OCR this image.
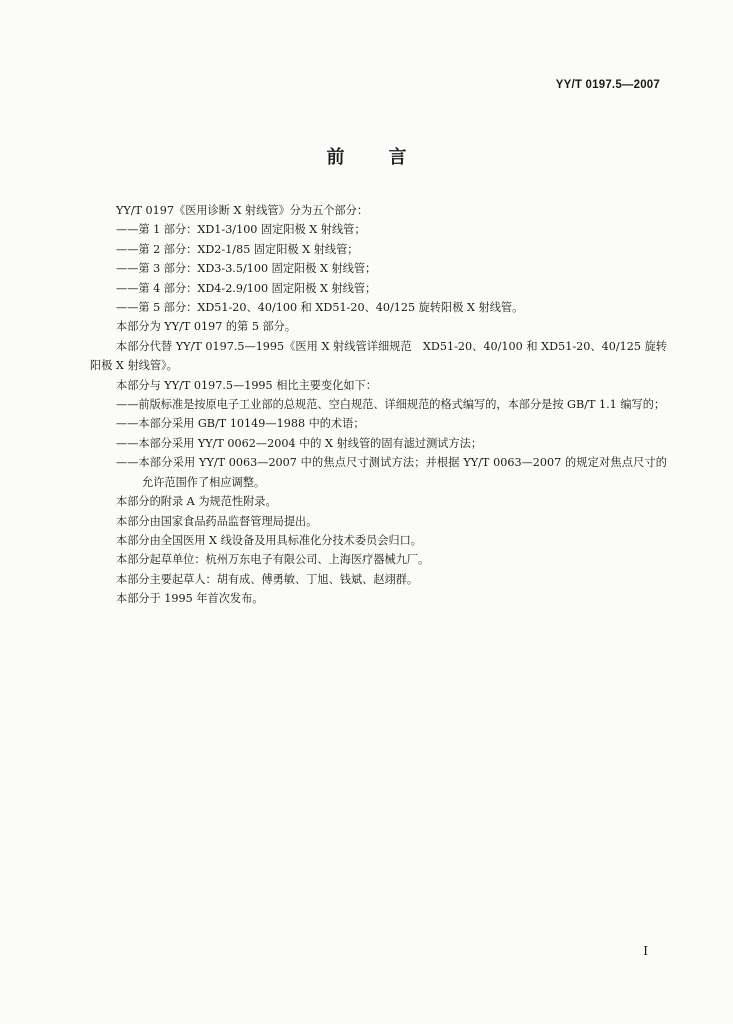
YY/T 0197.5—2007
前 言

YY/T 0197《医用诊断 X 射线管》分为五个部分：

——第 1 部分：XD1-3/100 固定阳极 X 射线管；

——第 2 部分：XD2-1/85 固定阳极 X 射线管；

——第 3 部分：XD3-3.5/100 固定阳极 X 射线管；

——第 4 部分：XD4-2.9/100 固定阳极 X 射线管；

——第 5 部分：XD51-20、40/100 和 XD51-20、40/125 旋转阳极 X 射线管。

本部分为 YY/T 0197 的第 5 部分。

本部分代替 YY/T 0197.5—1995《医用 X 射线管详细规范　XD51-20、40/100 和 XD51-20、40/125 旋转阳极 X 射线管》。

本部分与 YY/T 0197.5—1995 相比主要变化如下：

——前版标准是按原电子工业部的总规范、空白规范、详细规范的格式编写的，本部分是按 GB/T 1.1 编写的；

——本部分采用 GB/T 10149—1988 中的术语；

——本部分采用 YY/T 0062—2004 中的 X 射线管的固有滤过测试方法；

——本部分采用 YY/T 0063—2007 中的焦点尺寸测试方法；并根据 YY/T 0063—2007 的规定对焦点尺寸的允许范围作了相应调整。

本部分的附录 A 为规范性附录。

本部分由国家食品药品监督管理局提出。

本部分由全国医用 X 线设备及用具标准化分技术委员会归口。

本部分起草单位：杭州万东电子有限公司、上海医疗器械九厂。

本部分主要起草人：胡有成、傅勇敏、丁旭、钱斌、赵翊群。

本部分于 1995 年首次发布。

I
